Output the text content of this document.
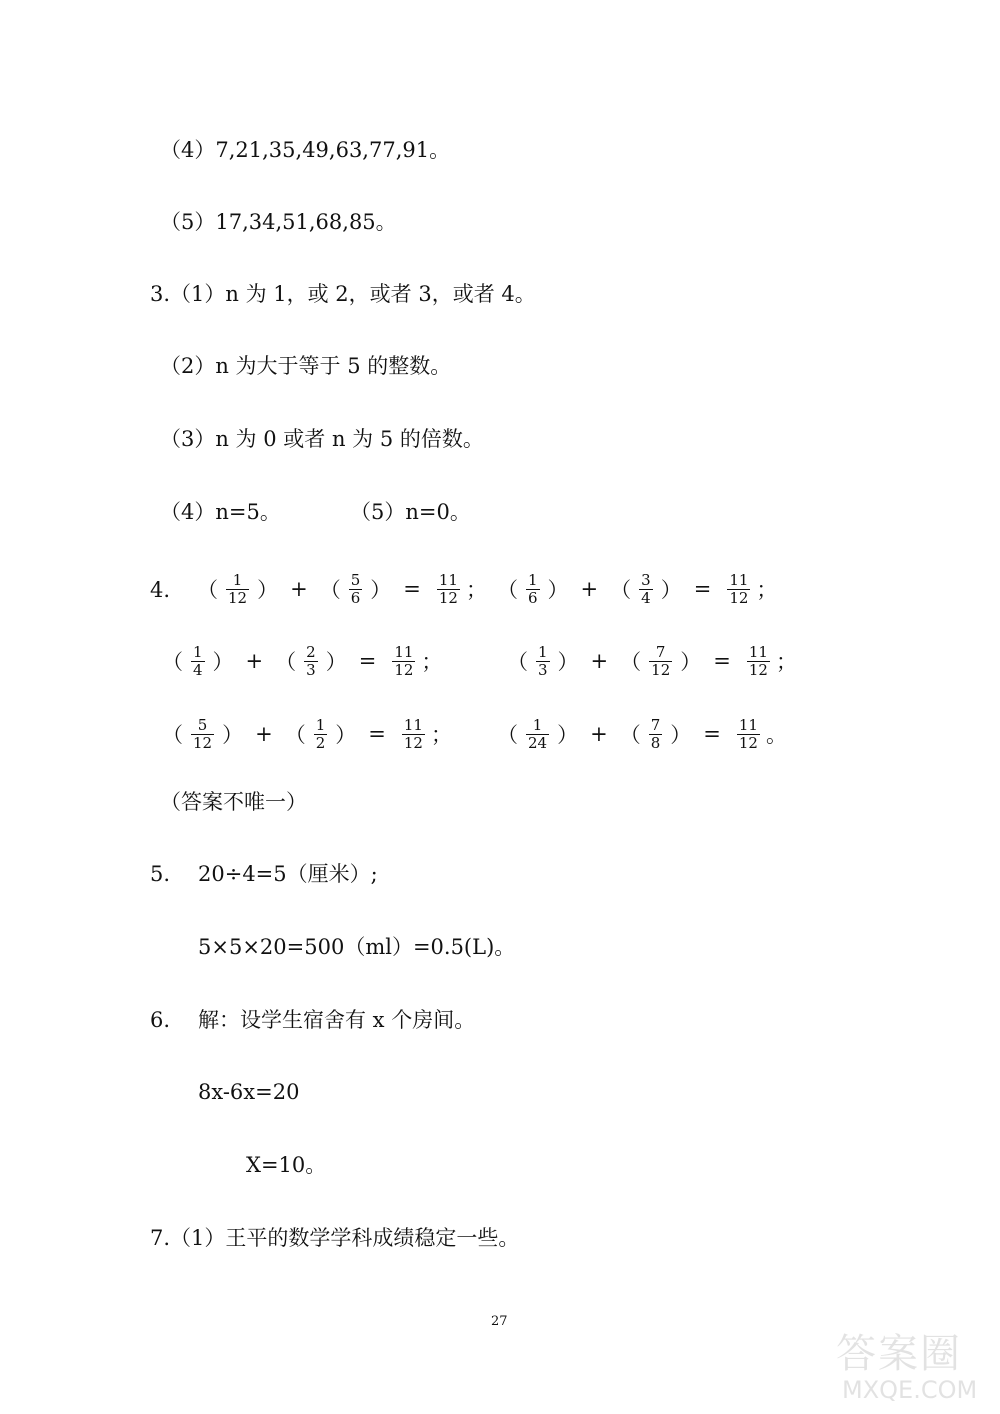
（4）7,21,35,49,63,77,91。
（5）17,34,51,68,85。
3.（1）n 为 1，或 2，或者 3，或者 4。
（2）n 为大于等于 5 的整数。
（3）n 为 0 或者 n 为 5 的倍数。
（4）n=5。	（5）n=0。
4. （ $\frac{1}{12}$ ） + （ $\frac{5}{6}$ ） = $\frac{11}{12}$ ； （ $\frac{1}{6}$ ） + （ $\frac{3}{4}$ ） = $\frac{11}{12}$ ；
（ $\frac{1}{4}$ ） + （ $\frac{2}{3}$ ） = $\frac{11}{12}$ ；	（ $\frac{1}{3}$ ） + （ $\frac{7}{12}$ ） = $\frac{11}{12}$ ；
（ $\frac{5}{12}$ ） + （ $\frac{1}{2}$ ） = $\frac{11}{12}$ ； （ $\frac{1}{24}$ ） + （ $\frac{7}{8}$ ） = $\frac{11}{12}$ 。
（答案不唯一）
5. 20÷4=5（厘米）;
5×5×20=500（ml）=0.5(L)。
6. 解：设学生宿舍有 x 个房间。
8x-6x=20
X=10。
7.（1）王平的数学学科成绩稳定一些。
27
答案圈
MXQE.COM
